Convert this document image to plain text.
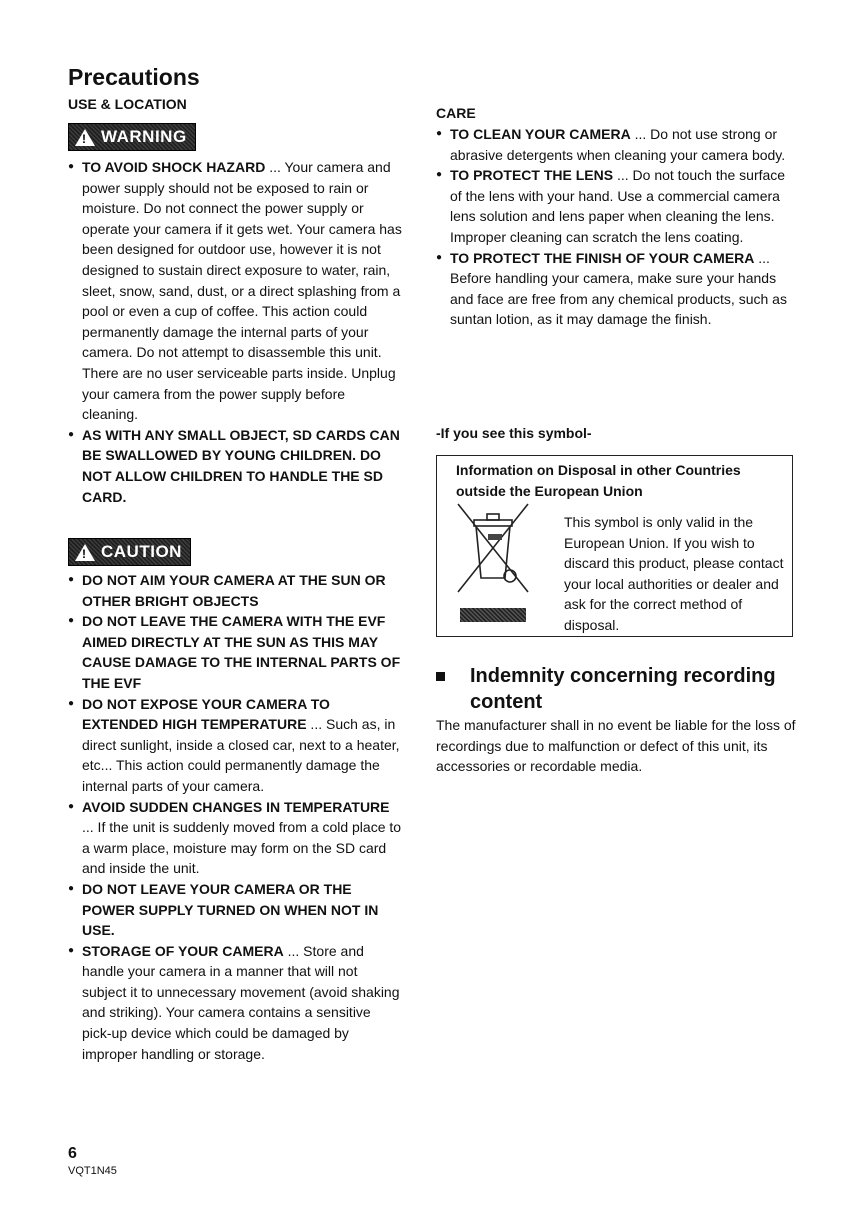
Precautions
USE & LOCATION
! WARNING

● TO AVOID SHOCK HAZARD ... Your camera and power supply should not be exposed to rain or moisture. Do not connect the power supply or operate your camera if it gets wet. Your camera has been designed for outdoor use, however it is not designed to sustain direct exposure to water, rain, sleet, snow, sand, dust, or a direct splashing from a pool or even a cup of coffee. This action could permanently damage the internal parts of your camera. Do not attempt to disassemble this unit. There are no user serviceable parts inside. Unplug your camera from the power supply before cleaning.

● AS WITH ANY SMALL OBJECT, SD CARDS CAN BE SWALLOWED BY YOUNG CHILDREN. DO NOT ALLOW CHILDREN TO HANDLE THE SD CARD.

! CAUTION

● DO NOT AIM YOUR CAMERA AT THE SUN OR OTHER BRIGHT OBJECTS

● DO NOT LEAVE THE CAMERA WITH THE EVF AIMED DIRECTLY AT THE SUN AS THIS MAY CAUSE DAMAGE TO THE INTERNAL PARTS OF THE EVF

● DO NOT EXPOSE YOUR CAMERA TO EXTENDED HIGH TEMPERATURE ... Such as, in direct sunlight, inside a closed car, next to a heater, etc... This action could permanently damage the internal parts of your camera.

● AVOID SUDDEN CHANGES IN TEMPERATURE ... If the unit is suddenly moved from a cold place to a warm place, moisture may form on the SD card and inside the unit.

● DO NOT LEAVE YOUR CAMERA OR THE POWER SUPPLY TURNED ON WHEN NOT IN USE.

● STORAGE OF YOUR CAMERA ... Store and handle your camera in a manner that will not subject it to unnecessary movement (avoid shaking and striking). Your camera contains a sensitive pick-up device which could be damaged by improper handling or storage.

CARE

● TO CLEAN YOUR CAMERA ... Do not use strong or abrasive detergents when cleaning your camera body.

● TO PROTECT THE LENS ... Do not touch the surface of the lens with your hand. Use a commercial camera lens solution and lens paper when cleaning the lens. Improper cleaning can scratch the lens coating.

● TO PROTECT THE FINISH OF YOUR CAMERA ... Before handling your camera, make sure your hands and face are free from any chemical products, such as suntan lotion, as it may damage the finish.

-If you see this symbol-
Information on Disposal in other Countries outside the European Union
This symbol is only valid in the European Union. If you wish to discard this product, please contact your local authorities or dealer and ask for the correct method of disposal.
Indemnity concerning recording content
The manufacturer shall in no event be liable for the loss of recordings due to malfunction or defect of this unit, its accessories or recordable media.
6
VQT1N45
